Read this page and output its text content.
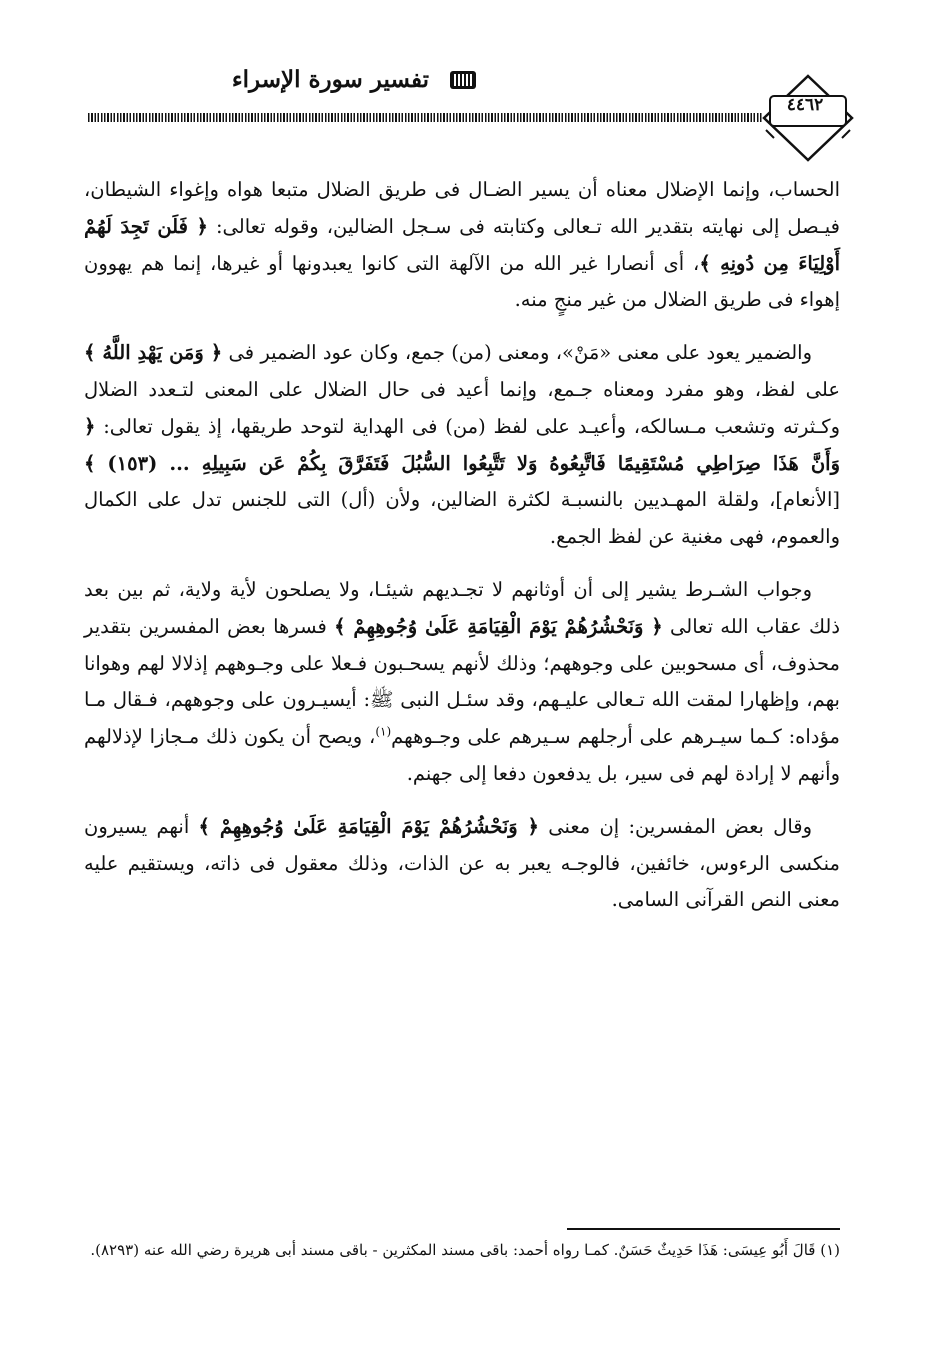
تفسير سورة الإسراء
٤٤٦٢

الحساب، وإنما الإضلال معناه أن يسير الضـال فى طريق الضلال متبعا هواه وإغواء الشيطان، فيـصل إلى نهايته بتقدير الله تـعالى وكتابته فى سـجل الضالين، وقوله تعالى: ﴿ فَلَن تَجِدَ لَهُمْ أَوْلِيَاءَ مِن دُونِهِ ﴾، أى أنصارا غير الله من الآلهة التى كانوا يعبدونها أو غيرها، إنما هم يهوون إهواء فى طريق الضلال من غير منجٍ منه.

والضمير يعود على معنى «مَنْ»، ومعنى (من) جمع، وكان عود الضمير فى ﴿ وَمَن يَهْدِ اللَّهُ ﴾ على لفظ، وهو مفرد ومعناه جـمع، وإنما أعيد فى حال الضلال على المعنى لتـعدد الضلال وكـثرته وتشعب مـسالكه، وأعيـد على لفظ (من) فى الهداية لتوحد طريقها، إذ يقول تعالى: ﴿ وَأَنَّ هَذَا صِرَاطِي مُسْتَقِيمًا فَاتَّبِعُوهُ وَلا تَتَّبِعُوا السُّبُلَ فَتَفَرَّقَ بِكُمْ عَن سَبِيلِهِ ... (١٥٣) ﴾ [الأنعام]، ولقلة المهـديين بالنسبـة لكثرة الضالين، ولأن (أل) التى للجنس تدل على الكمال والعموم، فهى مغنية عن لفظ الجمع.

وجواب الشـرط يشير إلى أن أوثانهم لا تجـديهم شيئـا، ولا يصلحون لأية ولاية، ثم بين بعد ذلك عقاب الله تعالى ﴿ وَنَحْشُرُهُمْ يَوْمَ الْقِيَامَةِ عَلَىٰ وُجُوهِهِمْ ﴾ فسرها بعض المفسرين بتقدير محذوف، أى مسحوبين على وجوههم؛ وذلك لأنهم يسحـبون فـعلا على وجـوههم إذلالا لهم وهوانا بهم، وإظهارا لمقت الله تـعالى عليـهم، وقد سئـل النبى ﷺ: أيسيـرون على وجوههم، فـقال مـا مؤداه: كـما سيـرهم على أرجلهم سـيرهم على وجـوههم$^{(١)}$، ويصح أن يكون ذلك مـجازا لإذلالهم وأنهم لا إرادة لهم فى سير، بل يدفعون دفعا إلى جهنم.

وقال بعض المفسرين: إن معنى ﴿ وَنَحْشُرُهُمْ يَوْمَ الْقِيَامَةِ عَلَىٰ وُجُوهِهِمْ ﴾ أنهم يسيرون منكسى الرءوس، خائفين، فالوجـه يعبر به عن الذات، وذلك معقول فى ذاته، ويستقيم عليه معنى النص القرآنى السامى.

(١) قَالَ أَبُو عِيسَى: هَذَا حَدِيثٌ حَسَنٌ. كمـا رواه أحمد: باقى مسند المكثرين - باقى مسند أبى هريرة رضي الله عنه (٨٢٩٣).
